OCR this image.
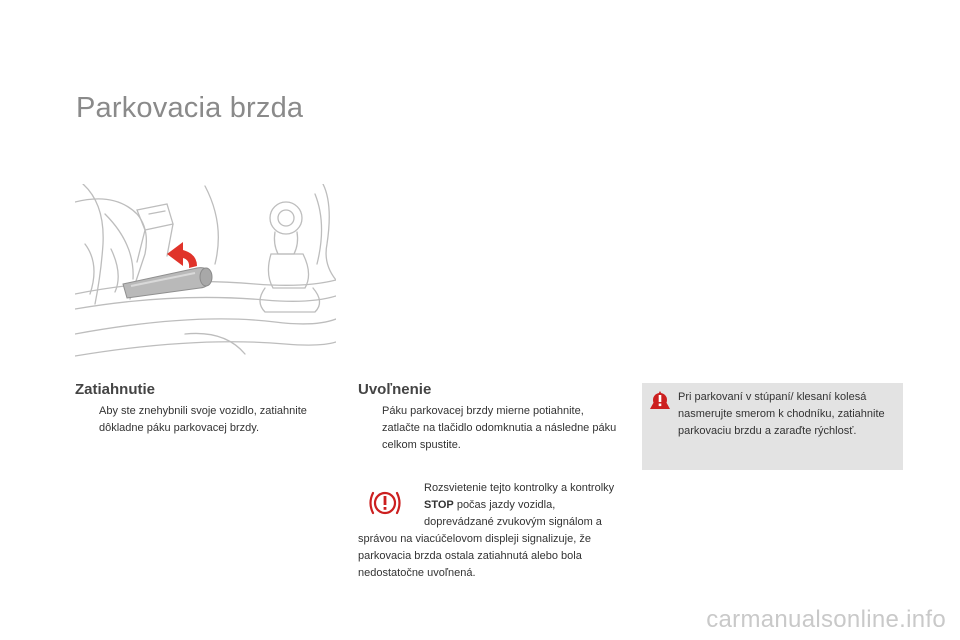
Parkovacia brzda
Zatiahnutie
Aby ste znehybnili svoje vozidlo, zatiahnite dôkladne páku parkovacej brzdy.
Uvoľnenie
Páku parkovacej brzdy mierne potiahnite, zatlačte na tlačidlo odomknutia a následne páku celkom spustite.
Rozsvietenie tejto kontrolky a kontrolky STOP počas jazdy vozidla, doprevádzané zvukovým signálom a správou na viacúčelovom displeji signalizuje, že parkovacia brzda ostala zatiahnutá alebo bola nedostatočne uvoľnená.
Pri parkovaní v stúpaní/ klesaní kolesá nasmerujte smerom k chodníku, zatiahnite parkovaciu brzdu a zaraďte rýchlosť.
carmanualsonline.info
